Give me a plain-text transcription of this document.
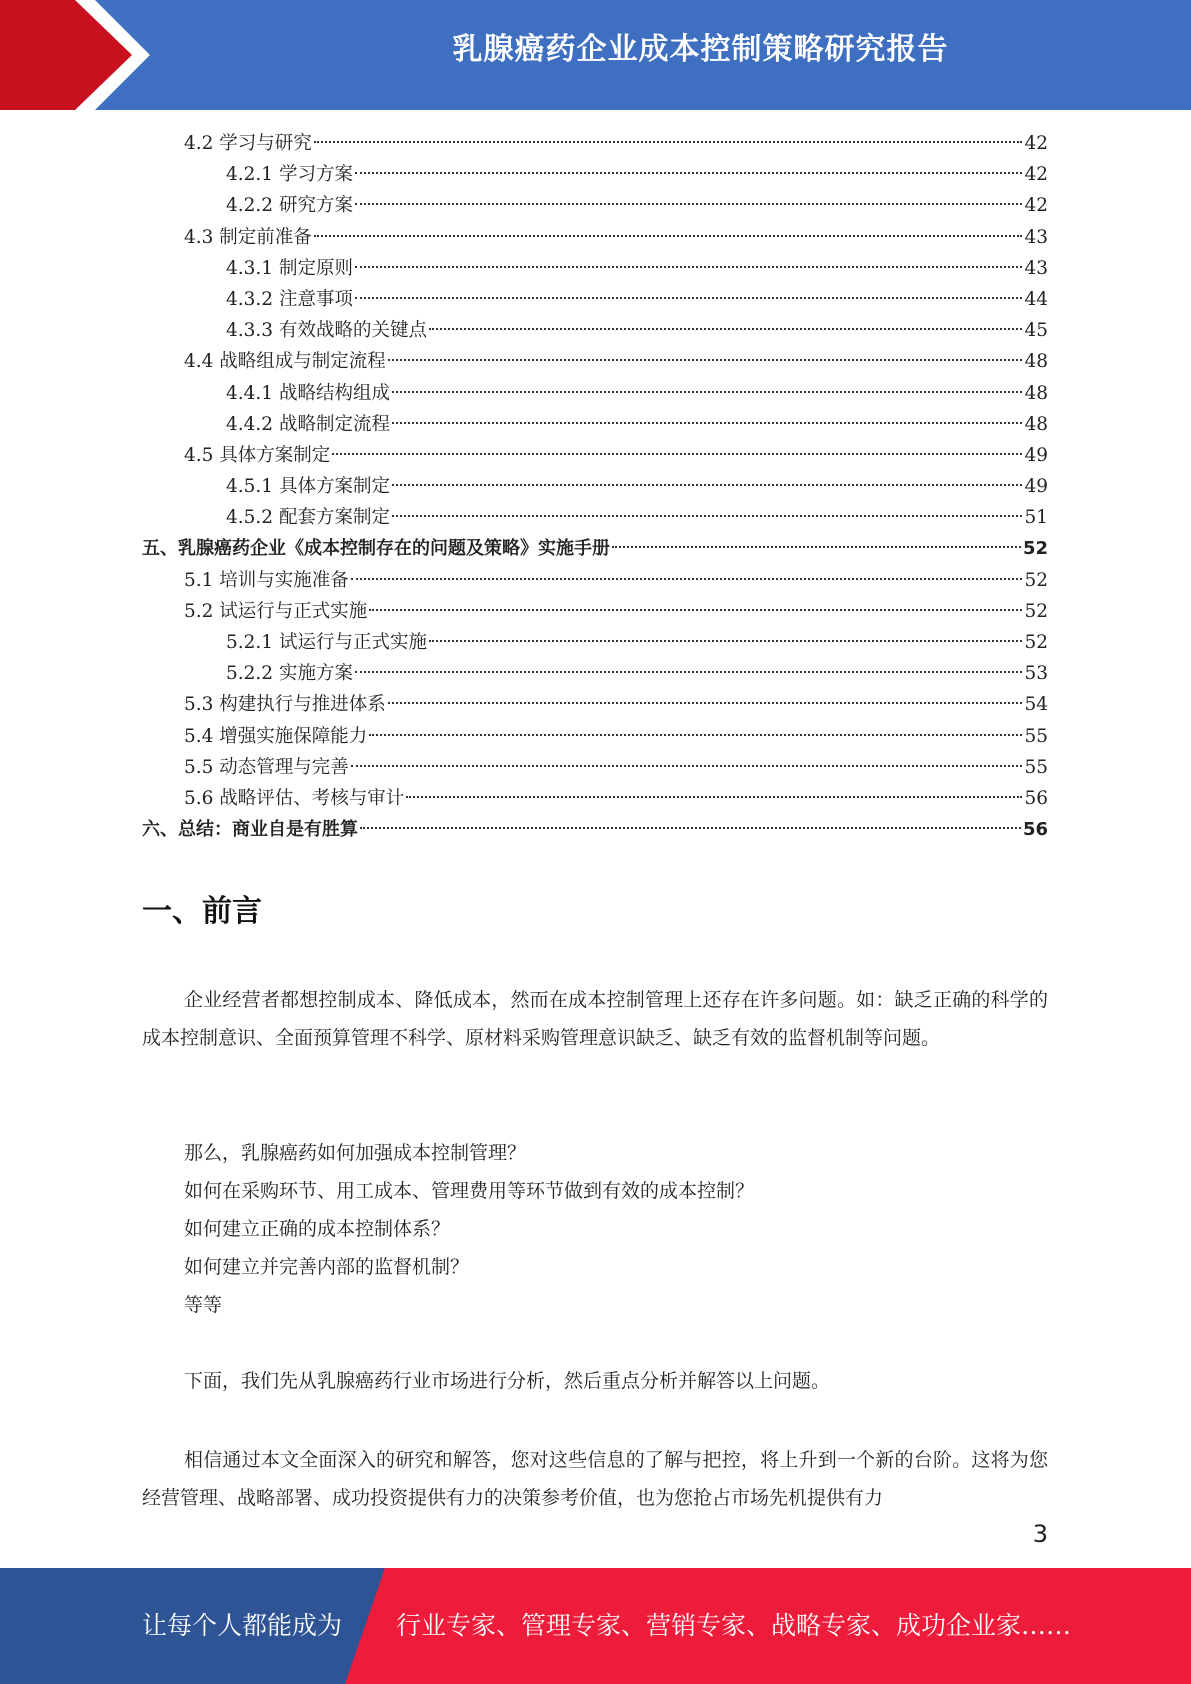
乳腺癌药企业成本控制策略研究报告
4.2 学习与研究	42
4.2.1 学习方案	42
4.2.2 研究方案	42
4.3 制定前准备	43
4.3.1 制定原则	43
4.3.2 注意事项	44
4.3.3 有效战略的关键点	45
4.4 战略组成与制定流程	48
4.4.1 战略结构组成	48
4.4.2 战略制定流程	48
4.5 具体方案制定	49
4.5.1 具体方案制定	49
4.5.2 配套方案制定	51
五、乳腺癌药企业《成本控制存在的问题及策略》实施手册	52
5.1 培训与实施准备	52
5.2 试运行与正式实施	52
5.2.1 试运行与正式实施	52
5.2.2 实施方案	53
5.3 构建执行与推进体系	54
5.4 增强实施保障能力	55
5.5 动态管理与完善	55
5.6 战略评估、考核与审计	56
六、总结：商业自是有胜算	56
一、前言

企业经营者都想控制成本、降低成本，然而在成本控制管理上还存在许多问题。如：缺乏正确的科学的成本控制意识、全面预算管理不科学、原材料采购管理意识缺乏、缺乏有效的监督机制等问题。

那么，乳腺癌药如何加强成本控制管理？
如何在采购环节、用工成本、管理费用等环节做到有效的成本控制？
如何建立正确的成本控制体系？
如何建立并完善内部的监督机制？
等等

下面，我们先从乳腺癌药行业市场进行分析，然后重点分析并解答以上问题。

相信通过本文全面深入的研究和解答，您对这些信息的了解与把控，将上升到一个新的台阶。这将为您经营管理、战略部署、成功投资提供有力的决策参考价值，也为您抢占市场先机提供有力

3
让每个人都能成为 行业专家、管理专家、营销专家、战略专家、成功企业家……
